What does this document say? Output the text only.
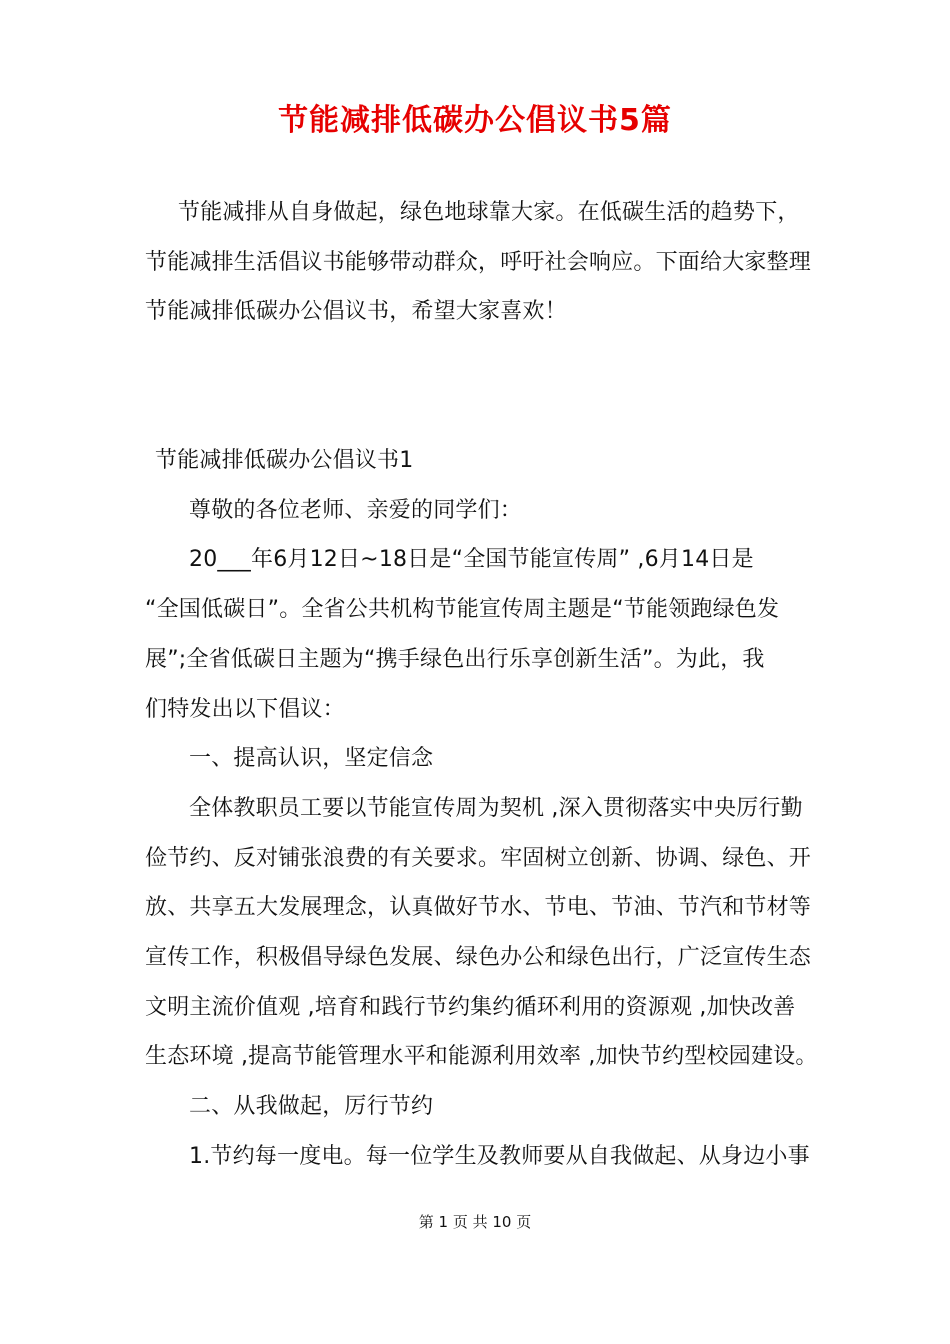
节能减排低碳办公倡议书5篇
节能减排从自身做起，绿色地球靠大家。在低碳生活的趋势下，
节能减排生活倡议书能够带动群众，呼吁社会响应。下面给大家整理
节能减排低碳办公倡议书，希望大家喜欢！
节能减排低碳办公倡议书1
尊敬的各位老师、亲爱的同学们：
20___年6月12日~18日是“全国节能宣传周” ,6月14日是
“全国低碳日”。全省公共机构节能宣传周主题是“节能领跑绿色发
展”;全省低碳日主题为“携手绿色出行乐享创新生活”。为此，我
们特发出以下倡议：
一、提高认识，坚定信念
全体教职员工要以节能宣传周为契机 ,深入贯彻落实中央厉行勤
俭节约、反对铺张浪费的有关要求。牢固树立创新、协调、绿色、开
放、共享五大发展理念，认真做好节水、节电、节油、节汽和节材等
宣传工作，积极倡导绿色发展、绿色办公和绿色出行，广泛宣传生态
文明主流价值观 ,培育和践行节约集约循环利用的资源观 ,加快改善
生态环境 ,提高节能管理水平和能源利用效率 ,加快节约型校园建设。
二、从我做起，厉行节约
1.节约每一度电。每一位学生及教师要从自我做起、从身边小事
第 1 页 共 10 页
